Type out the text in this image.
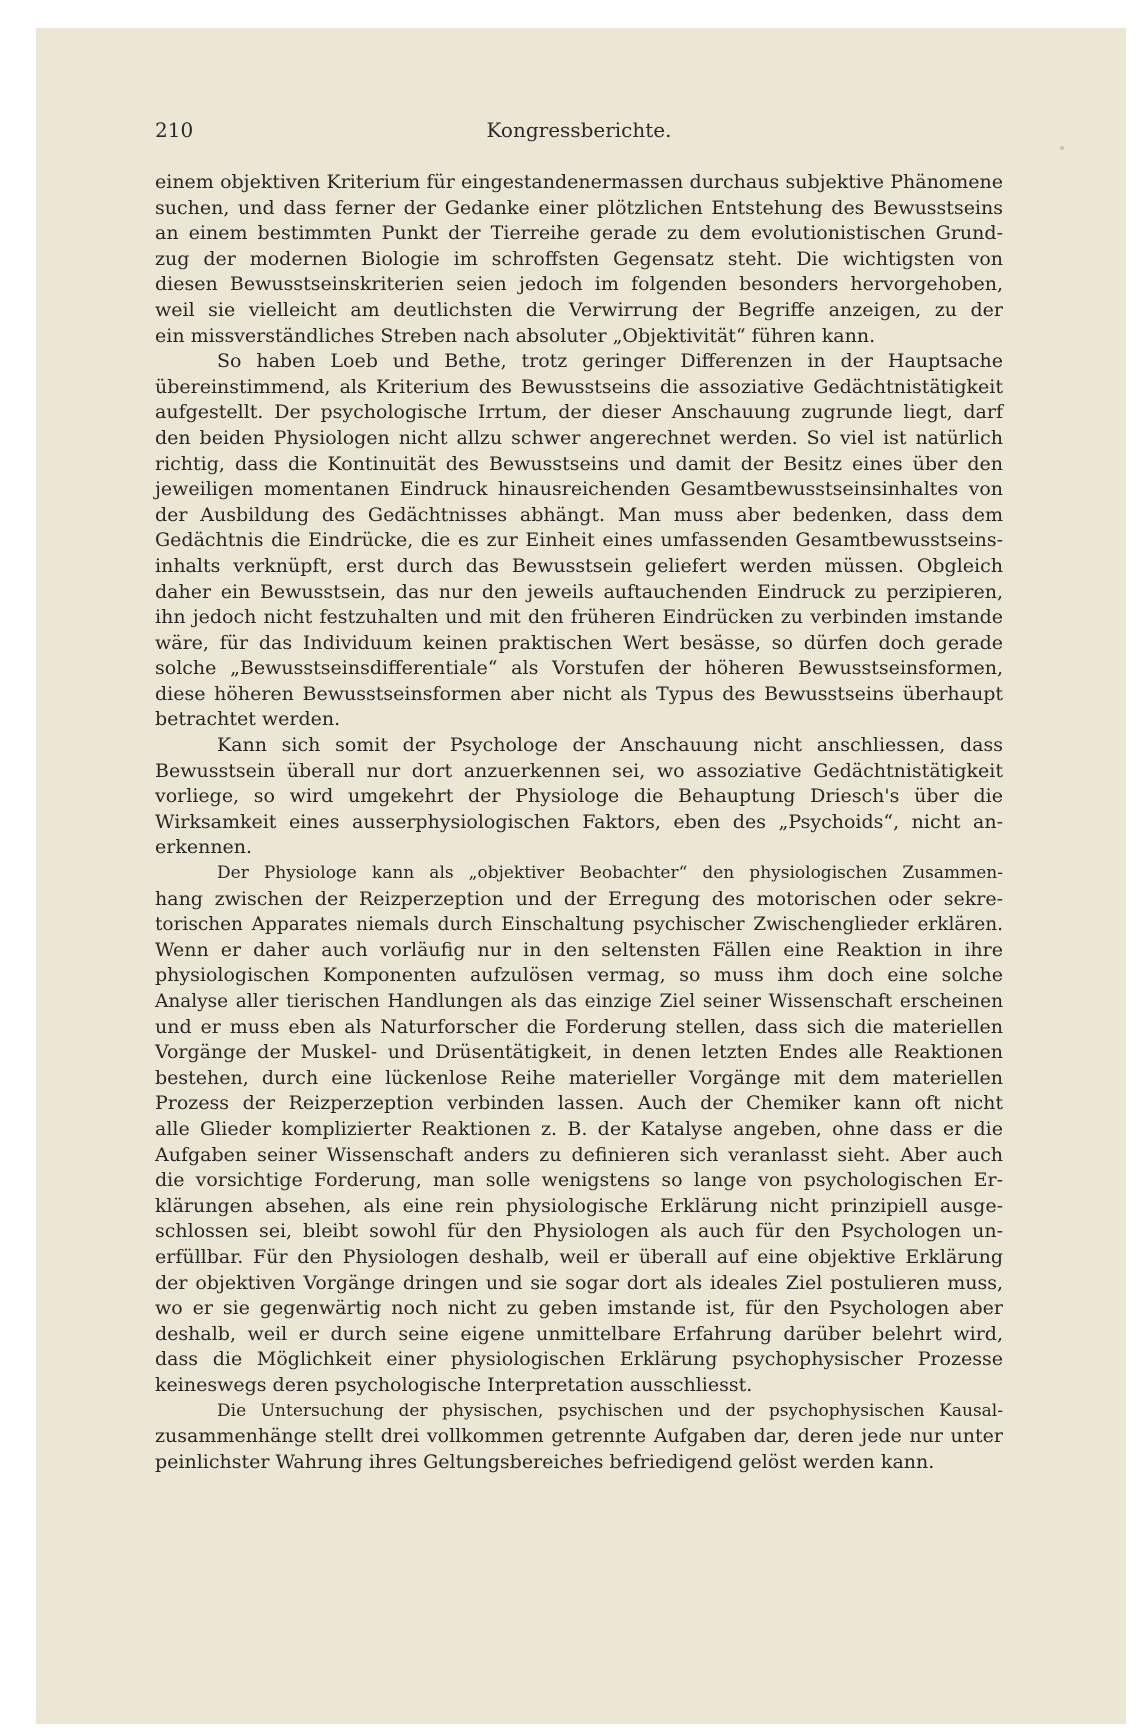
210	Kongressberichte.
einem objektiven Kriterium für eingestandenermassen durchaus subjektive Phänomene
suchen, und dass ferner der Gedanke einer plötzlichen Entstehung des Bewusstseins
an einem bestimmten Punkt der Tierreihe gerade zu dem evolutionistischen Grund-
zug der modernen Biologie im schroffsten Gegensatz steht. Die wichtigsten von
diesen Bewusstseinskriterien seien jedoch im folgenden besonders hervorgehoben,
weil sie vielleicht am deutlichsten die Verwirrung der Begriffe anzeigen, zu der
ein missverständliches Streben nach absoluter „Objektivität“ führen kann.
So haben Loeb und Bethe, trotz geringer Differenzen in der Hauptsache
übereinstimmend, als Kriterium des Bewusstseins die assoziative Gedächtnistätigkeit
aufgestellt. Der psychologische Irrtum, der dieser Anschauung zugrunde liegt, darf
den beiden Physiologen nicht allzu schwer angerechnet werden. So viel ist natürlich
richtig, dass die Kontinuität des Bewusstseins und damit der Besitz eines über den
jeweiligen momentanen Eindruck hinausreichenden Gesamtbewusstseinsinhaltes von
der Ausbildung des Gedächtnisses abhängt. Man muss aber bedenken, dass dem
Gedächtnis die Eindrücke, die es zur Einheit eines umfassenden Gesamtbewusstseins-
inhalts verknüpft, erst durch das Bewusstsein geliefert werden müssen. Obgleich
daher ein Bewusstsein, das nur den jeweils auftauchenden Eindruck zu perzipieren,
ihn jedoch nicht festzuhalten und mit den früheren Eindrücken zu verbinden imstande
wäre, für das Individuum keinen praktischen Wert besässe, so dürfen doch gerade
solche „Bewusstseinsdifferentiale“ als Vorstufen der höheren Bewusstseinsformen,
diese höheren Bewusstseinsformen aber nicht als Typus des Bewusstseins überhaupt
betrachtet werden.
Kann sich somit der Psychologe der Anschauung nicht anschliessen, dass
Bewusstsein überall nur dort anzuerkennen sei, wo assoziative Gedächtnistätigkeit
vorliege, so wird umgekehrt der Physiologe die Behauptung Driesch's über die
Wirksamkeit eines ausserphysiologischen Faktors, eben des „Psychoids“, nicht an-
erkennen.
Der Physiologe kann als „objektiver Beobachter“ den physiologischen Zusammen-
hang zwischen der Reizperzeption und der Erregung des motorischen oder sekre-
torischen Apparates niemals durch Einschaltung psychischer Zwischenglieder erklären.
Wenn er daher auch vorläufig nur in den seltensten Fällen eine Reaktion in ihre
physiologischen Komponenten aufzulösen vermag, so muss ihm doch eine solche
Analyse aller tierischen Handlungen als das einzige Ziel seiner Wissenschaft erscheinen
und er muss eben als Naturforscher die Forderung stellen, dass sich die materiellen
Vorgänge der Muskel- und Drüsentätigkeit, in denen letzten Endes alle Reaktionen
bestehen, durch eine lückenlose Reihe materieller Vorgänge mit dem materiellen
Prozess der Reizperzeption verbinden lassen. Auch der Chemiker kann oft nicht
alle Glieder komplizierter Reaktionen z. B. der Katalyse angeben, ohne dass er die
Aufgaben seiner Wissenschaft anders zu definieren sich veranlasst sieht. Aber auch
die vorsichtige Forderung, man solle wenigstens so lange von psychologischen Er-
klärungen absehen, als eine rein physiologische Erklärung nicht prinzipiell ausge-
schlossen sei, bleibt sowohl für den Physiologen als auch für den Psychologen un-
erfüllbar. Für den Physiologen deshalb, weil er überall auf eine objektive Erklärung
der objektiven Vorgänge dringen und sie sogar dort als ideales Ziel postulieren muss,
wo er sie gegenwärtig noch nicht zu geben imstande ist, für den Psychologen aber
deshalb, weil er durch seine eigene unmittelbare Erfahrung darüber belehrt wird,
dass die Möglichkeit einer physiologischen Erklärung psychophysischer Prozesse
keineswegs deren psychologische Interpretation ausschliesst.
Die Untersuchung der physischen, psychischen und der psychophysischen Kausal-
zusammenhänge stellt drei vollkommen getrennte Aufgaben dar, deren jede nur unter
peinlichster Wahrung ihres Geltungsbereiches befriedigend gelöst werden kann.
